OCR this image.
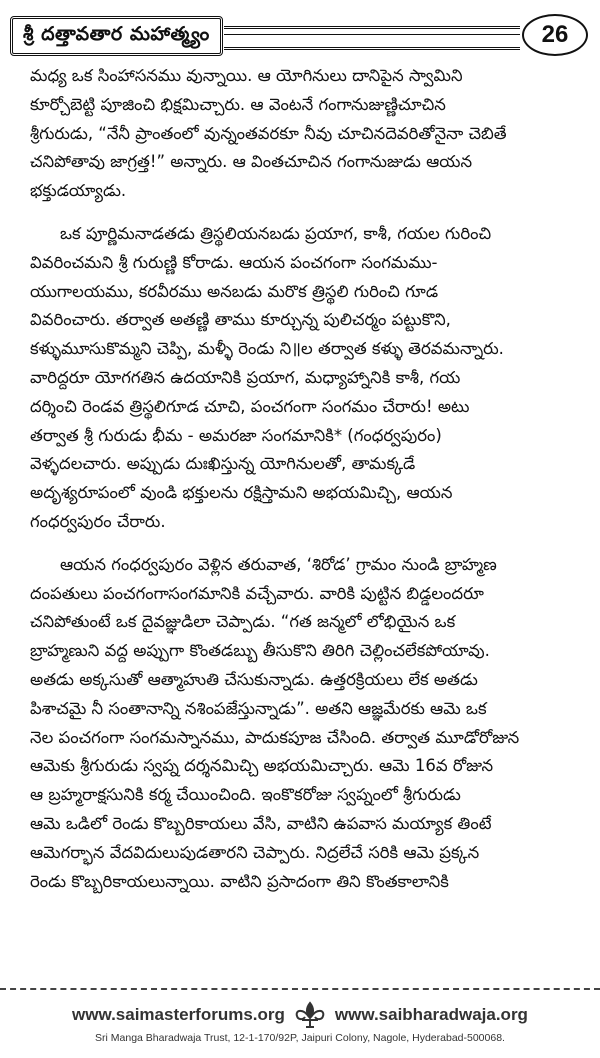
శ్రీ దత్తావతార మహాత్మ్యం	26
మధ్య ఒక సింహాసనము వున్నాయి. ఆ యోగినులు దానిపైన స్వామిని
కూర్చోబెట్టి పూజించి భిక్షమిచ్చారు. ఆ వెంటనే గంగానుజుణ్ణిచూచిన
శ్రీగురుడు, “నేనీ ప్రాంతంలో వున్నంతవరకూ నీవు చూచినదెవరితోనైనా చెబితే
చనిపోతావు జాగ్రత్త!” అన్నారు. ఆ వింతచూచిన గంగానుజుడు ఆయన
భక్తుడయ్యాడు.
ఒక పూర్ణిమనాడతడు త్రిస్థలియనబడు ప్రయాగ, కాశీ, గయల గురించి
వివరించమని శ్రీ గురుణ్ణి కోరాడు. ఆయన పంచగంగా సంగమము-
యుగాలయము, కరవీరము అనబడు మరొక త్రిస్థలి గురించి గూడ
వివరించారు. తర్వాత అతణ్ణి తాము కూర్చున్న పులిచర్మం పట్టుకొని,
కళ్ళుమూసుకొమ్మని చెప్పి, మళ్ళీ రెండు ని॥ల తర్వాత కళ్ళు తెరవమన్నారు.
వారిద్దరూ యోగగతిన ఉదయానికి ప్రయాగ, మధ్యాహ్నానికి కాశీ, గయ
దర్శించి రెండవ త్రిస్థలిగూడ చూచి, పంచగంగా సంగమం చేరారు! అటు
తర్వాత శ్రీ గురుడు భీమ - అమరజా సంగమానికి* (గంధర్వపురం)
వెళ్ళదలచారు. అప్పుడు దుఃఖిస్తున్న యోగినులతో, తామక్కడే
అదృశ్యరూపంలో వుండి భక్తులను రక్షిస్తామని అభయమిచ్చి, ఆయన
గంధర్వపురం చేరారు.
ఆయన గంధర్వపురం వెళ్లిన తరువాత, ‘శిరోడ’ గ్రామం నుండి బ్రాహ్మణ
దంపతులు పంచగంగాసంగమానికి వచ్చేవారు. వారికి పుట్టిన బిడ్డలందరూ
చనిపోతుంటే ఒక దైవజ్ఞుడిలా చెప్పాడు. “గత జన్మలో లోభియైన ఒక
బ్రాహ్మణుని వద్ద అప్పుగా కొంతడబ్బు తీసుకొని తిరిగి చెల్లించలేకపోయావు.
అతడు అక్కసుతో ఆత్మాహుతి చేసుకున్నాడు. ఉత్తరక్రియలు లేక అతడు
పిశాచమై నీ సంతానాన్ని నశింపజేస్తున్నాడు”. అతని ఆజ్ఞమేరకు ఆమె ఒక
నెల పంచగంగా సంగమస్నానము, పాదుకపూజ చేసింది. తర్వాత మూడోరోజున
ఆమెకు శ్రీగురుడు స్వప్న దర్శనమిచ్చి అభయమిచ్చారు. ఆమె 16వ రోజున
ఆ బ్రహ్మరాక్షసునికి కర్మ చేయించింది. ఇంకొకరోజు స్వప్నంలో శ్రీగురుడు
ఆమె ఒడిలో రెండు కొబ్బరికాయలు వేసి, వాటిని ఉపవాస మయ్యాక తింటే
ఆమెగర్భాన వేదవిదులుపుడతారని చెప్పారు. నిద్రలేచే సరికి ఆమె ప్రక్కన
రెండు కొబ్బరికాయలున్నాయి. వాటిని ప్రసాదంగా తిని కొంతకాలానికి
www.saimasterforums.org	www.saibharadwaja.org
Sri Manga Bharadwaja Trust, 12-1-170/92P, Jaipuri Colony, Nagole, Hyderabad-500068.
